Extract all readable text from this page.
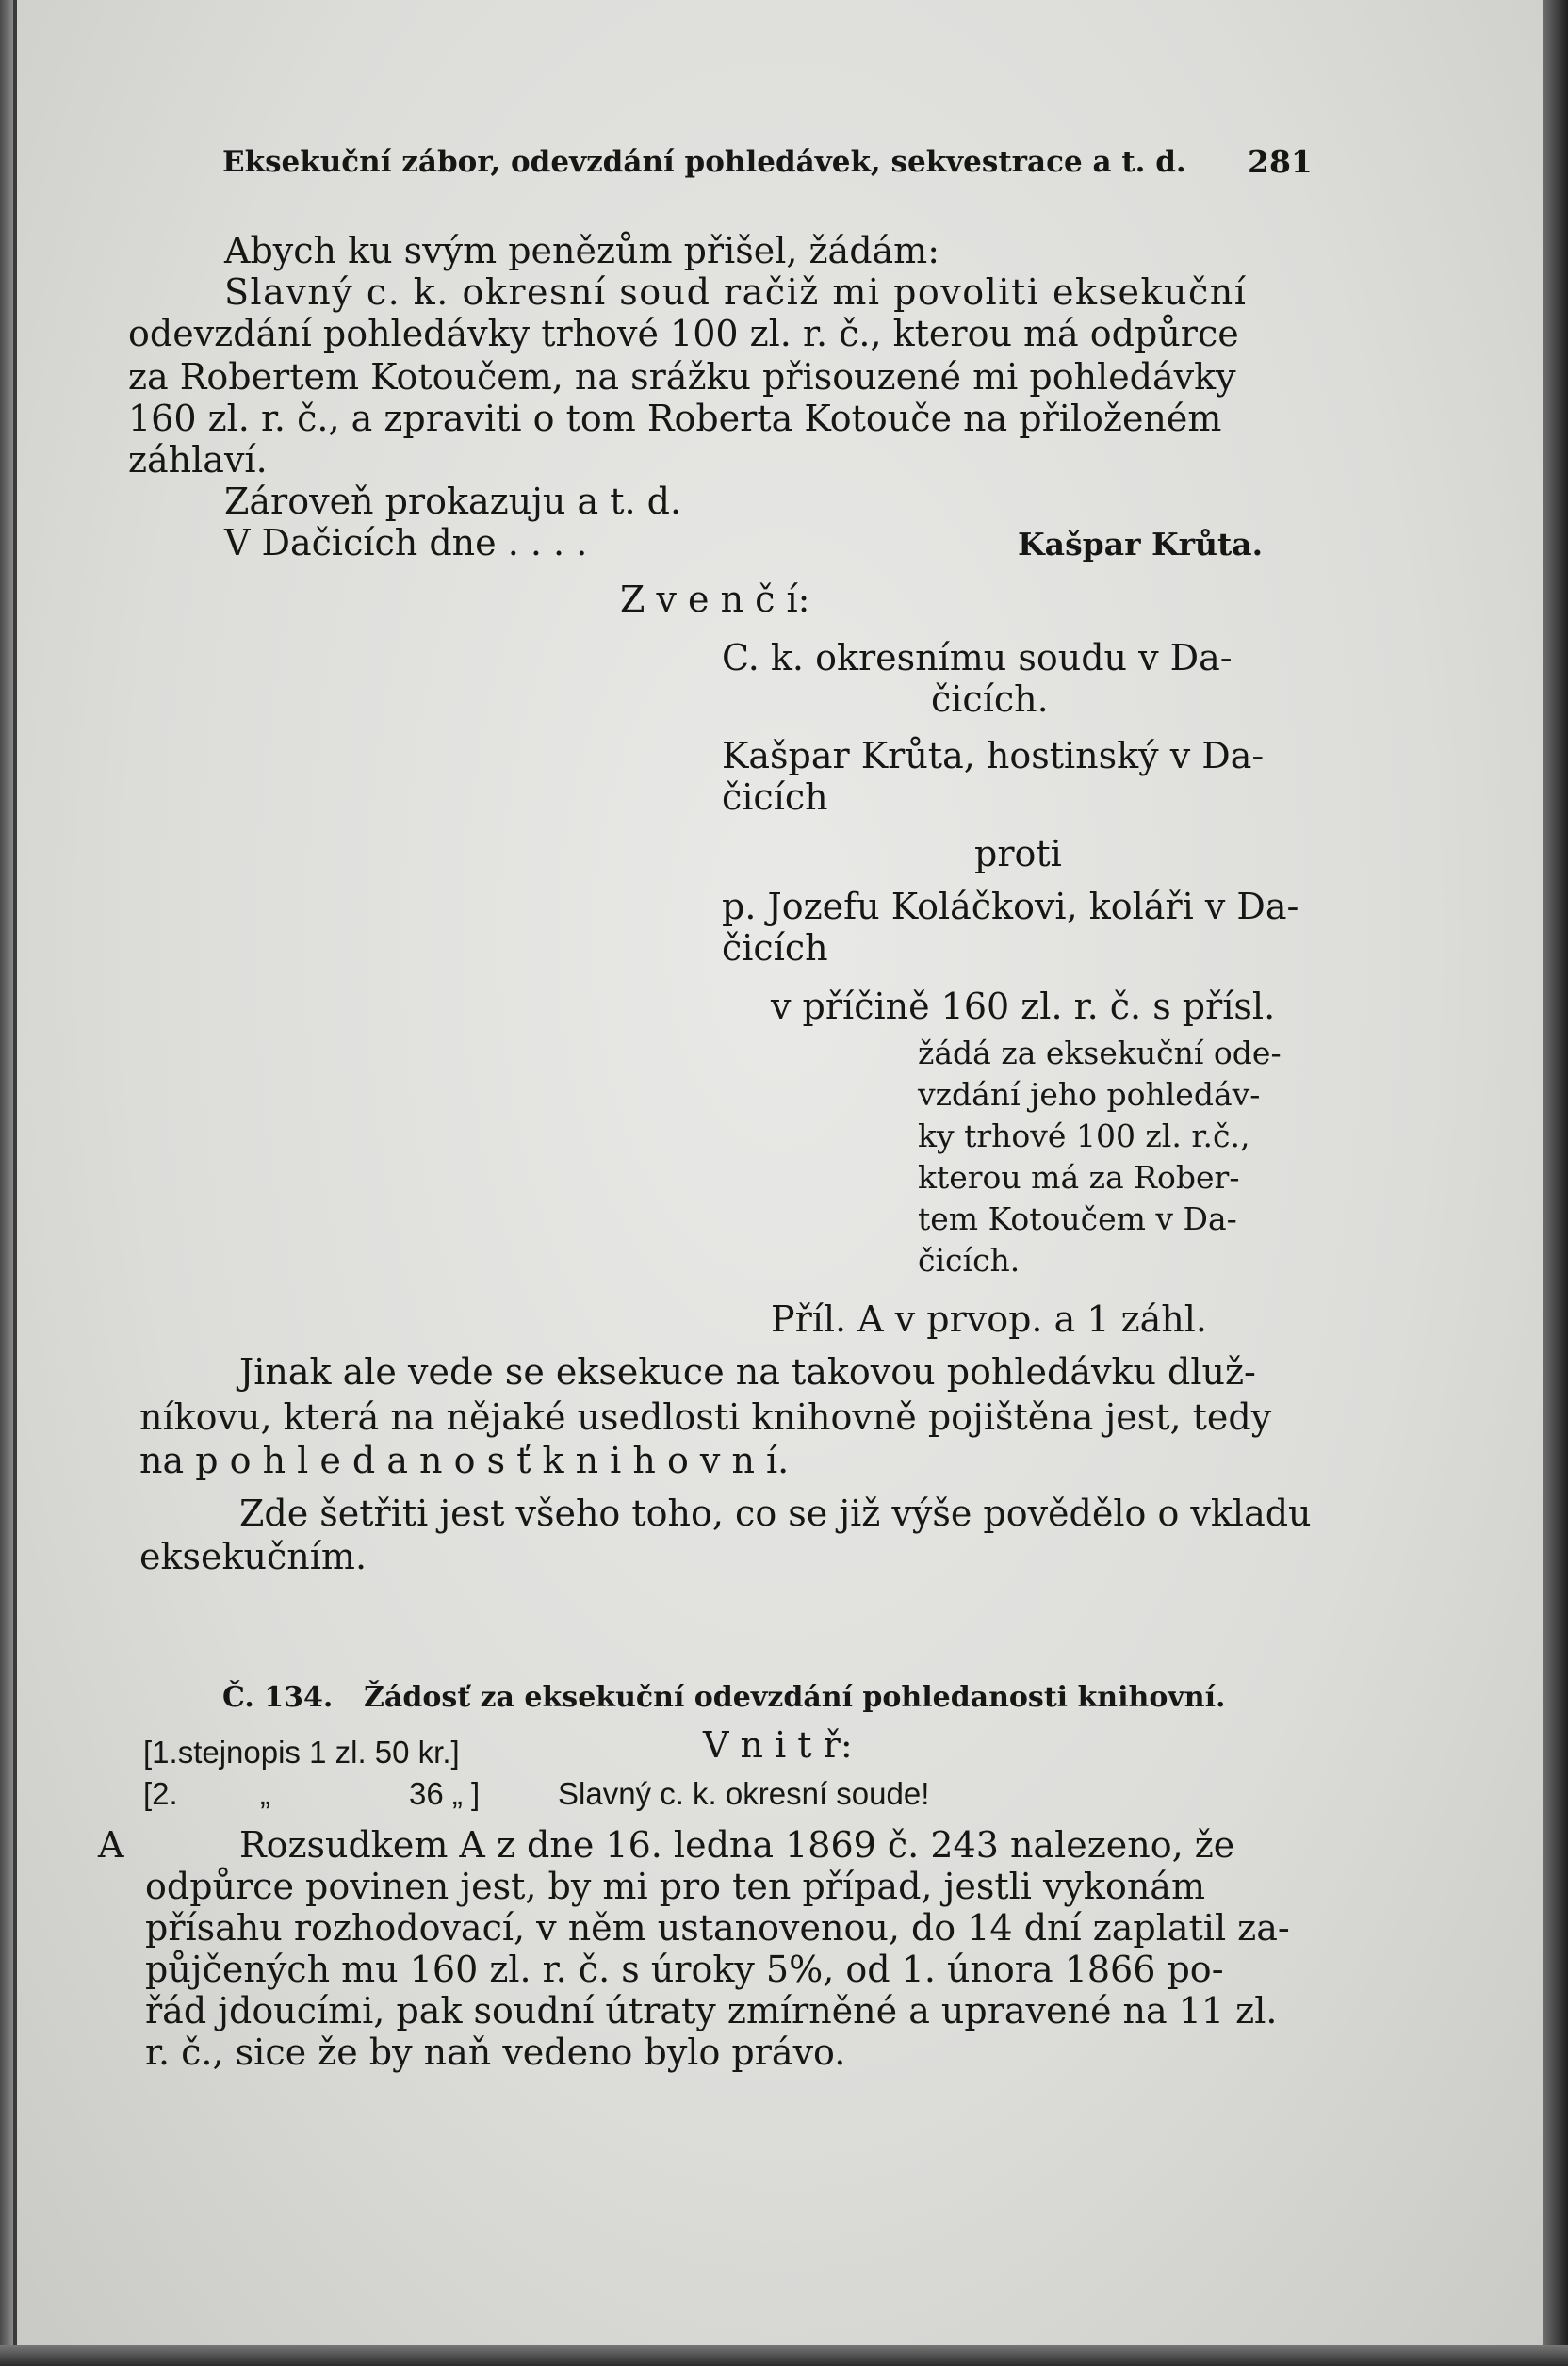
Eksekuční zábor, odevzdání pohledávek, sekvestrace a t. d. 281
Abych ku svým penězům přišel, žádám:
Slavný c. k. okresní soud račiž mi povoliti eksekuční
odevzdání pohledávky trhové 100 zl. r. č., kterou má odpůrce
za Robertem Kotoučem, na srážku přisouzené mi pohledávky
160 zl. r. č., a zpraviti o tom Roberta Kotouče na přiloženém
záhlaví.
Zároveň prokazuju a t. d.
V Dačicích dne . . . .	Kašpar Krůta.
Z v e n č í:
C. k. okresnímu soudu v Da-
čicích.
Kašpar Krůta, hostinský v Da-
čicích
proti
p. Jozefu Koláčkovi, koláři v Da-
čicích
v příčině 160 zl. r. č. s přísl.
žádá za eksekuční ode-
vzdání jeho pohledáv-
ky trhové 100 zl. r.č.,
kterou má za Rober-
tem Kotoučem v Da-
čicích.
Příl. A v prvop. a 1 záhl.
Jinak ale vede se eksekuce na takovou pohledávku dluž-
níkovu, která na nějaké usedlosti knihovně pojištěna jest, tedy
na p o h l e d a n o s ť k n i h o v n í.
Zde šetřiti jest všeho toho, co se již výše povědělo o vkladu
eksekučním.
Č. 134. Žádosť za eksekuční odevzdání pohledanosti knihovní.
[1.stejnopis 1 zl. 50 kr.]
[2.	„	36 „ ]
V n i t ř:
Slavný c. k. okresní soude!
A	Rozsudkem A z dne 16. ledna 1869 č. 243 nalezeno, že
odpůrce povinen jest, by mi pro ten případ, jestli vykonám
přísahu rozhodovací, v něm ustanovenou, do 14 dní zaplatil za-
půjčených mu 160 zl. r. č. s úroky 5%, od 1. února 1866 po-
řád jdoucími, pak soudní útraty zmírněné a upravené na 11 zl.
r. č., sice že by naň vedeno bylo právo.
